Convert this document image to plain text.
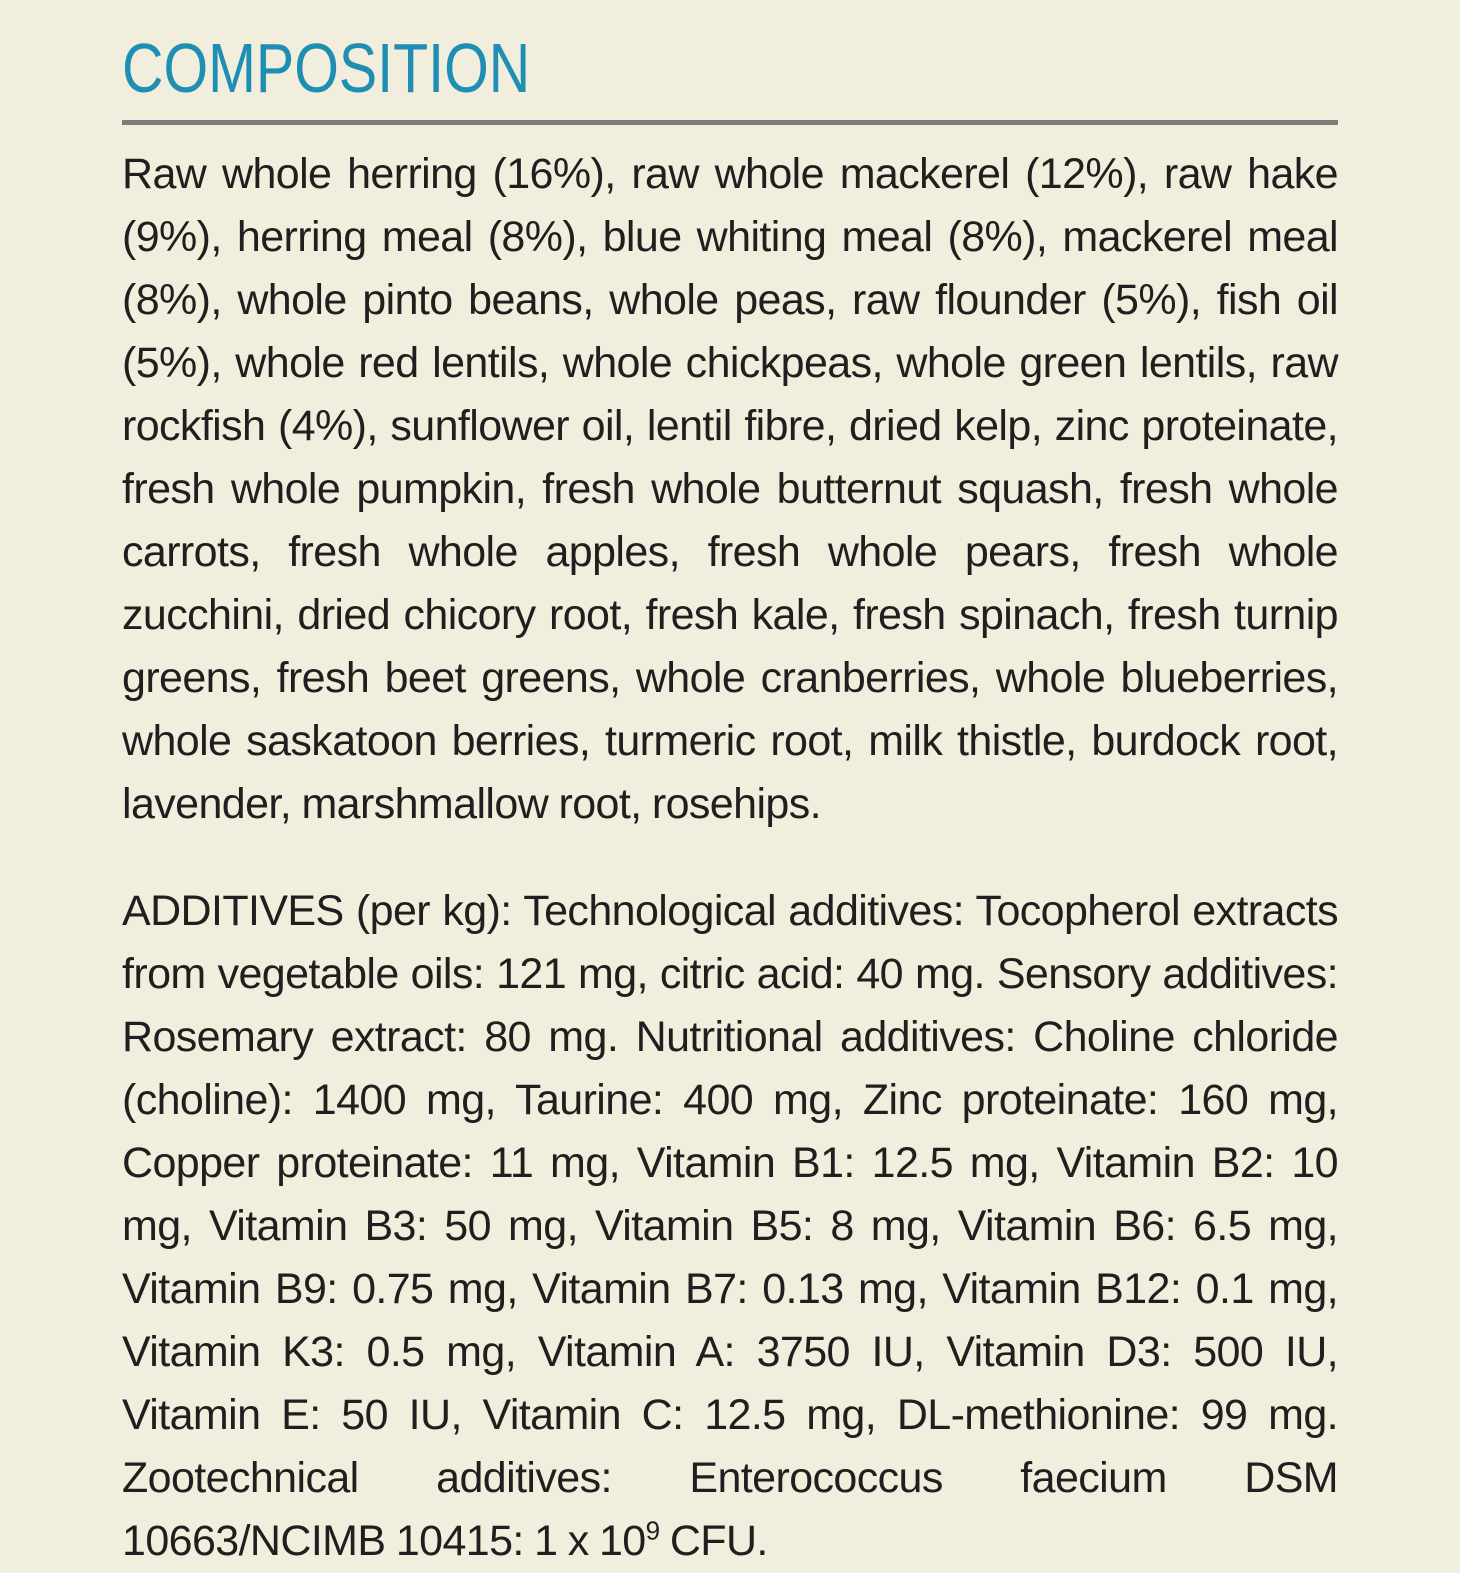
COMPOSITION

Raw whole herring (16%), raw whole mackerel (12%), raw hake (9%), herring meal (8%), blue whiting meal (8%), mackerel meal (8%), whole pinto beans, whole peas, raw flounder (5%), fish oil (5%), whole red lentils, whole chickpeas, whole green lentils, raw rockfish (4%), sunflower oil, lentil fibre, dried kelp, zinc proteinate, fresh whole pumpkin, fresh whole butternut squash, fresh whole carrots, fresh whole apples, fresh whole pears, fresh whole zucchini, dried chicory root, fresh kale, fresh spinach, fresh turnip greens, fresh beet greens, whole cranberries, whole blueberries, whole saskatoon berries, turmeric root, milk thistle, burdock root, lavender, marshmallow root, rosehips.

ADDITIVES (per kg): Technological additives: Tocopherol extracts from vegetable oils: 121 mg, citric acid: 40 mg. Sensory additives: Rosemary extract: 80 mg. Nutritional additives: Choline chloride (choline): 1400 mg, Taurine: 400 mg, Zinc proteinate: 160 mg, Copper proteinate: 11 mg, Vitamin B1: 12.5 mg, Vitamin B2: 10 mg, Vitamin B3: 50 mg, Vitamin B5: 8 mg, Vitamin B6: 6.5 mg, Vitamin B9: 0.75 mg, Vitamin B7: 0.13 mg, Vitamin B12: 0.1 mg, Vitamin K3: 0.5 mg, Vitamin A: 3750 IU, Vitamin D3: 500 IU, Vitamin E: 50 IU, Vitamin C: 12.5 mg, DL-methionine: 99 mg. Zootechnical additives: Enterococcus faecium DSM 10663/NCIMB 10415: 1 x $10^9$ CFU.
